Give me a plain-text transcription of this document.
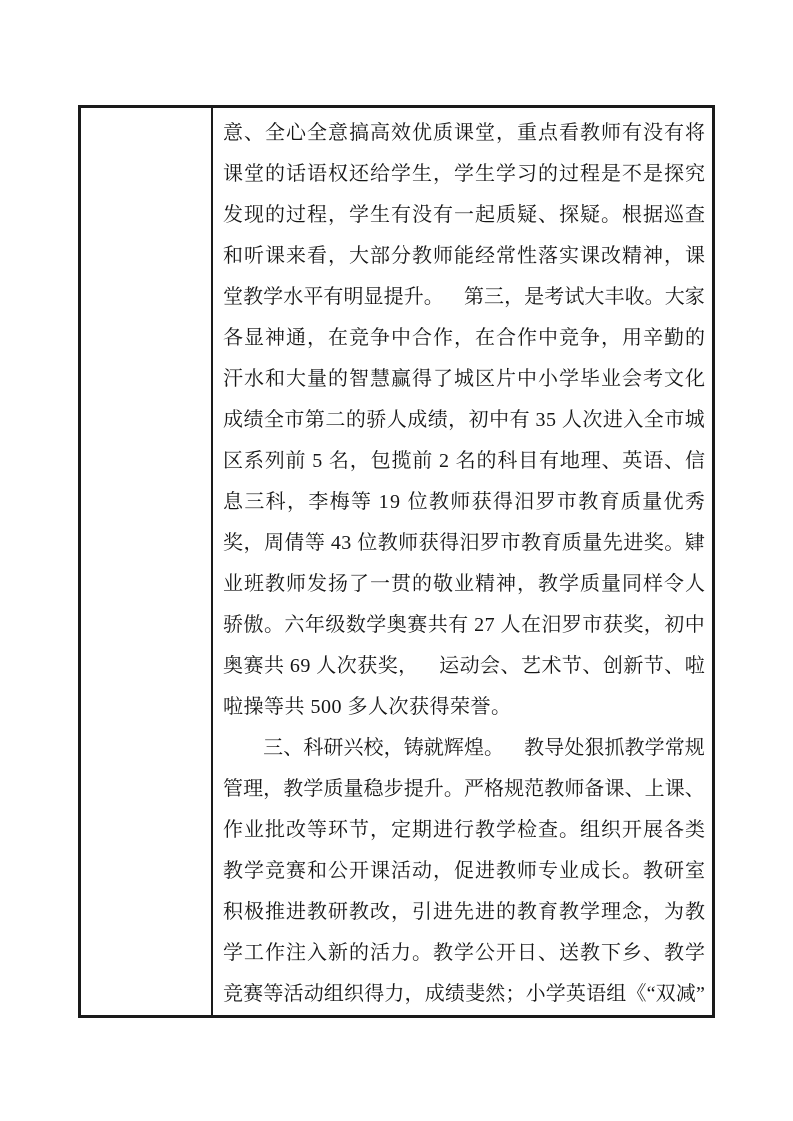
意 、 全 心 全 意 搞 高 效 优 质 课 堂 ， 重 点 看 教 师 有 没 有 将
课 堂 的 话 语 权 还 给 学 生 ， 学 生 学 习 的 过 程 是 不 是 探 究
发 现 的 过 程 ， 学 生 有 没 有 一 起 质 疑 、 探 疑 。 根 据 巡 查
和 听 课 来 看 ， 大 部 分 教 师 能 经 常 性 落 实 课 改 精 神 ， 课
堂 教 学 水 平 有 明 显 提 升 。
　 第 三 ， 是 考 试 大 丰 收 。 大 家
各 显 神 通 ， 在 竞 争 中 合 作 ， 在 合 作 中 竞 争 ， 用 辛 勤 的
汗 水 和 大 量 的 智 慧 赢 得 了 城 区 片 中 小 学 毕 业 会 考 文 化
成 绩 全 市 第 二 的 骄 人 成 绩 ， 初 中 有
3 5
人 次 进 入 全 市 城
区 系 列 前
5
名 ， 包 揽 前
2
名 的 科 目 有 地 理 、 英 语 、 信
息 三 科 ， 李 梅 等
1 9
位 教 师 获 得 汨 罗 市 教 育 质 量 优 秀
奖 ， 周 倩 等
4 3
位 教 师 获 得 汨 罗 市 教 育 质 量 先 进 奖 。 肄
业 班 教 师 发 扬 了 一 贯 的 敬 业 精 神 ， 教 学 质 量 同 样 令 人
骄 傲 。 六 年 级 数 学 奥 赛 共 有
2 7
人 在 汨 罗 市 获 奖 ， 初 中
奥 赛 共
6 9
人 次 获 奖 ，
　 运 动 会 、 艺 术 节 、 创 新 节 、 啦
啦操等共 500 多人次获得荣誉。

三 、 科 研 兴 校 ， 铸 就 辉 煌 。
　 教 导 处 狠 抓 教 学 常 规
管 理 ， 教 学 质 量 稳 步 提 升 。 严 格 规 范 教 师 备 课 、 上 课 、
作 业 批 改 等 环 节 ， 定 期 进 行 教 学 检 查 。 组 织 开 展 各 类
教 学 竞 赛 和 公 开 课 活 动 ， 促 进 教 师 专 业 成 长 。 教 研 室
积 极 推 进 教 研 教 改 ， 引 进 先 进 的 教 育 教 学 理 念 ， 为 教
学 工 作 注 入 新 的 活 力 。 教 学 公 开 日 、 送 教 下 乡 、 教 学
竞 赛 等 活 动 组 织 得 力 ， 成 绩 斐 然 ； 小 学 英 语 组 《 “ 双 减 ”
